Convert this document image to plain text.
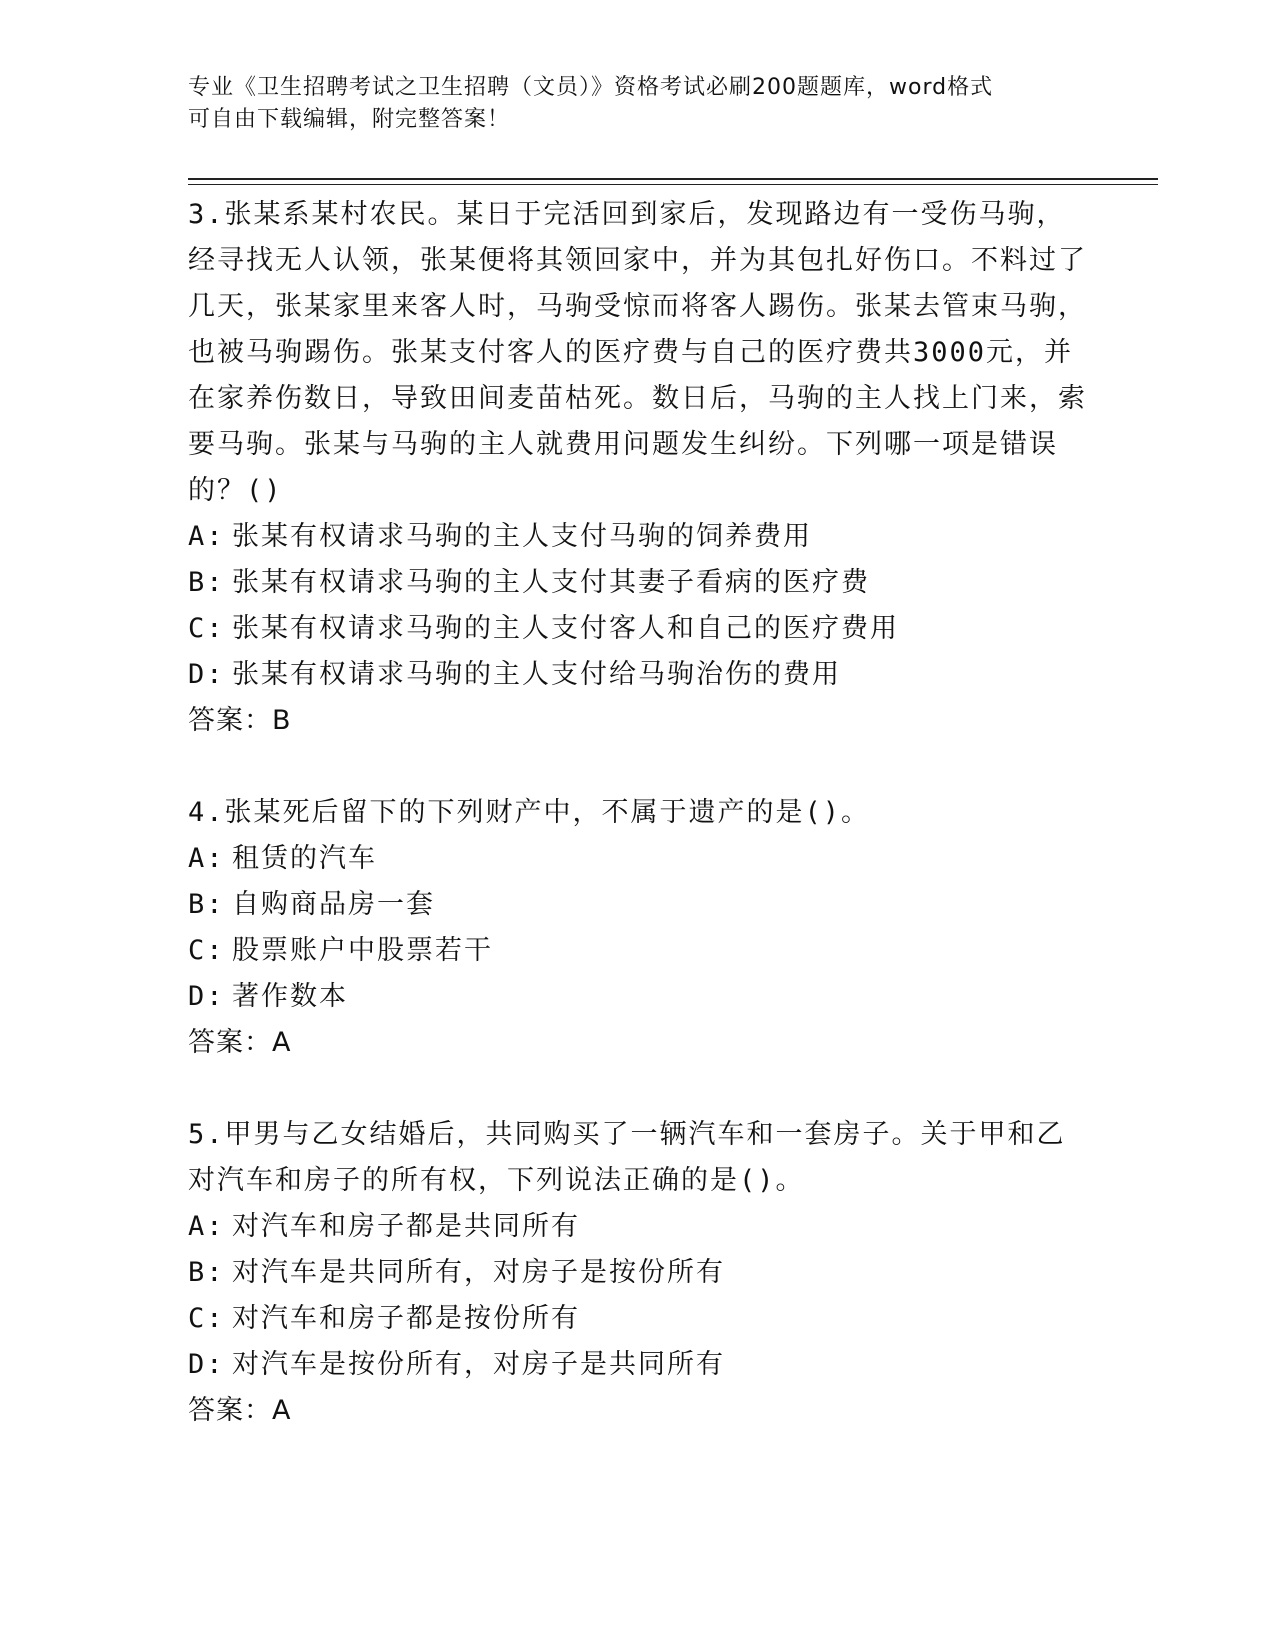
专业《卫生招聘考试之卫生招聘（文员）》资格考试必刷200题题库，word格式
可自由下载编辑，附完整答案！
3.张某系某村农民。某日于完活回到家后，发现路边有一受伤马驹，经寻找无人认领，张某便将其领回家中，并为其包扎好伤口。不料过了几天，张某家里来客人时，马驹受惊而将客人踢伤。张某去管束马驹，也被马驹踢伤。张某支付客人的医疗费与自己的医疗费共3000元，并在家养伤数日，导致田间麦苗枯死。数日后，马驹的主人找上门来，索要马驹。张某与马驹的主人就费用问题发生纠纷。下列哪一项是错误的？()
A: 张某有权请求马驹的主人支付马驹的饲养费用
B: 张某有权请求马驹的主人支付其妻子看病的医疗费
C: 张某有权请求马驹的主人支付客人和自己的医疗费用
D: 张某有权请求马驹的主人支付给马驹治伤的费用
答案：B
4.张某死后留下的下列财产中，不属于遗产的是()。
A: 租赁的汽车
B: 自购商品房一套
C: 股票账户中股票若干
D: 著作数本
答案：A
5.甲男与乙女结婚后，共同购买了一辆汽车和一套房子。关于甲和乙对汽车和房子的所有权，下列说法正确的是()。
A: 对汽车和房子都是共同所有
B: 对汽车是共同所有，对房子是按份所有
C: 对汽车和房子都是按份所有
D: 对汽车是按份所有，对房子是共同所有
答案：A
